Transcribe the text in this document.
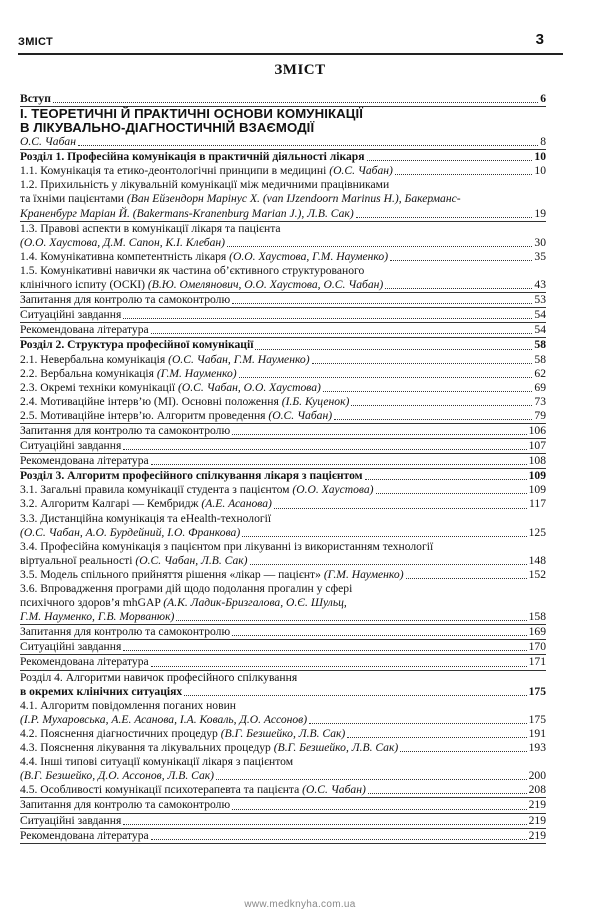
ЗМІСТ	3
ЗМІСТ
Вступ	6
І. ТЕОРЕТИЧНІ Й ПРАКТИЧНІ ОСНОВИ КОМУНІКАЦІЇ
В ЛІКУВАЛЬНО-ДІАГНОСТИЧНІЙ ВЗАЄМОДІЇ
О.С. Чабан	8
Розділ 1. Професійна комунікація в практичній діяльності лікаря	10
1.1. Комунікація та етико-деонтологічні принципи в медицині (О.С. Чабан)	10
1.2. Прихильність у лікувальній комунікації між медичними працівниками
та їхніми пацієнтами (Ван Ейзендорн Марінус Х. (van IJzendoorn Marinus H.), Бакерманс-
Краненбург Маріан Й. (Bakermans-Kranenburg Marian J.), Л.В. Сак)	19
1.3. Правові аспекти в комунікації лікаря та пацієнта
(О.О. Хаустова, Д.М. Сапон, К.І. Клебан)	30
1.4. Комунікативна компетентність лікаря (О.О. Хаустова, Г.М. Науменко)	35
1.5. Комунікативні навички як частина об’єктивного структурованого
клінічного іспиту (ОСКІ) (В.Ю. Омелянович, О.О. Хаустова, О.С. Чабан)	43
Запитання для контролю та самоконтролю	53
Ситуаційні завдання	54
Рекомендована література	54
Розділ 2. Структура професійної комунікації	58
2.1. Невербальна комунікація (О.С. Чабан, Г.М. Науменко)	58
2.2. Вербальна комунікація (Г.М. Науменко)	62
2.3. Окремі техніки комунікації (О.С. Чабан, О.О. Хаустова)	69
2.4. Мотиваційне інтерв’ю (МІ). Основні положення (І.Б. Куценок)	73
2.5. Мотиваційне інтерв’ю. Алгоритм проведення (О.С. Чабан)	79
Запитання для контролю та самоконтролю	106
Ситуаційні завдання	107
Рекомендована література	108
Розділ 3. Алгоритм професійного спілкування лікаря з пацієнтом	109
3.1. Загальні правила комунікації студента з пацієнтом (О.О. Хаустова)	109
3.2. Алгоритм Калгарі — Кембридж (А.Е. Асанова)	117
3.3. Дистанційна комунікація та eHealth-технології
(О.С. Чабан, А.О. Бурдейний, І.О. Франкова)	125
3.4. Професійна комунікація з пацієнтом при лікуванні із використанням технології
віртуальної реальності (О.С. Чабан, Л.В. Сак)	148
3.5. Модель спільного прийняття рішення «лікар — пацієнт» (Г.М. Науменко)	152
3.6. Впровадження програми дій щодо подолання прогалин у сфері
психічного здоров’я mhGAP (А.К. Ладик-Бризгалова, О.Є. Шульц,
Г.М. Науменко, Г.В. Морванюк)	158
Запитання для контролю та самоконтролю	169
Ситуаційні завдання	170
Рекомендована література	171
Розділ 4. Алгоритми навичок професійного спілкування
в окремих клінічних ситуаціях	175
4.1. Алгоритм повідомлення поганих новин
(І.Р. Мухаровська, А.Е. Асанова, І.А. Коваль, Д.О. Ассонов)	175
4.2. Пояснення діагностичних процедур (В.Г. Безшейко, Л.В. Сак)	191
4.3. Пояснення лікування та лікувальних процедур (В.Г. Безшейко, Л.В. Сак)	193
4.4. Інші типові ситуації комунікації лікаря з пацієнтом
(В.Г. Безшейко, Д.О. Ассонов, Л.В. Сак)	200
4.5. Особливості комунікації психотерапевта та пацієнта (О.С. Чабан)	208
Запитання для контролю та самоконтролю	219
Ситуаційні завдання	219
Рекомендована література	219
www.medknyha.com.ua
